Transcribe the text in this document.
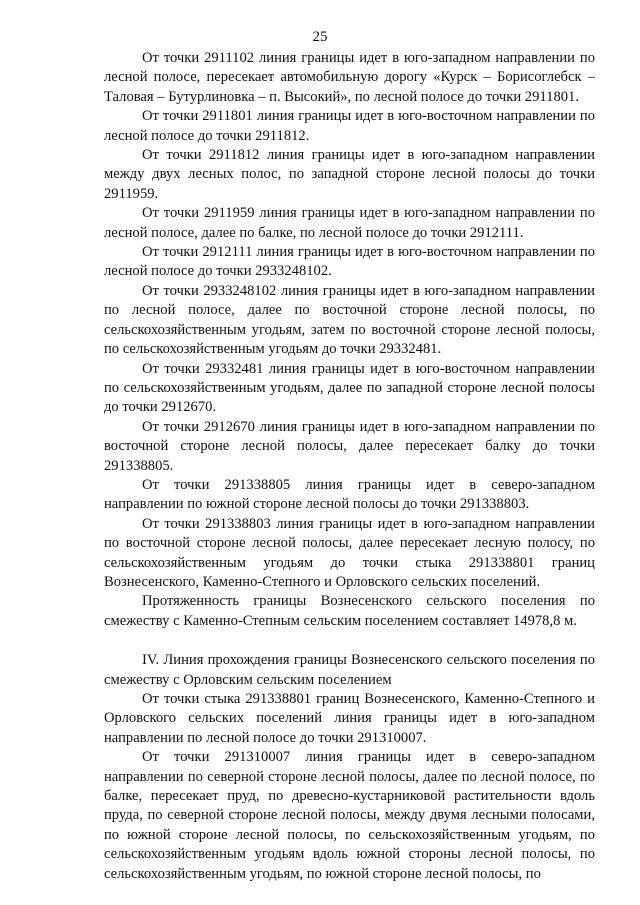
25

От точки 2911102 линия границы идет в юго-западном направлении по лесной полосе, пересекает автомобильную дорогу «Курск – Борисоглебск – Таловая – Бутурлиновка – п. Высокий», по лесной полосе до точки 2911801.

От точки 2911801 линия границы идет в юго-восточном направлении по лесной полосе до точки 2911812.

От точки 2911812 линия границы идет в юго-западном направлении между двух лесных полос, по западной стороне лесной полосы до точки 2911959.

От точки 2911959 линия границы идет в юго-западном направлении по лесной полосе, далее по балке, по лесной полосе до точки 2912111.

От точки 2912111 линия границы идет в юго-восточном направлении по лесной полосе до точки 2933248102.

От точки 2933248102 линия границы идет в юго-западном направлении по лесной полосе, далее по восточной стороне лесной полосы, по сельскохозяйственным угодьям, затем по восточной стороне лесной полосы, по сельскохозяйственным угодьям до точки 29332481.

От точки 29332481 линия границы идет в юго-восточном направлении по сельскохозяйственным угодьям, далее по западной стороне лесной полосы до точки 2912670.

От точки 2912670 линия границы идет в юго-западном направлении по восточной стороне лесной полосы, далее пересекает балку до точки 291338805.

От точки 291338805 линия границы идет в северо-западном направлении по южной стороне лесной полосы до точки 291338803.

От точки 291338803 линия границы идет в юго-западном направлении по восточной стороне лесной полосы, далее пересекает лесную полосу, по сельскохозяйственным угодьям до точки стыка 291338801 границ Вознесенского, Каменно-Степного и Орловского сельских поселений.

Протяженность границы Вознесенского сельского поселения по смежеству с Каменно-Степным сельским поселением составляет 14978,8 м.

IV. Линия прохождения границы Вознесенского сельского поселения по смежеству с Орловским сельским поселением

От точки стыка 291338801 границ Вознесенского, Каменно-Степного и Орловского сельских поселений линия границы идет в юго-западном направлении по лесной полосе до точки 291310007.

От точки 291310007 линия границы идет в северо-западном направлении по северной стороне лесной полосы, далее по лесной полосе, по балке, пересекает пруд, по древесно-кустарниковой растительности вдоль пруда, по северной стороне лесной полосы, между двумя лесными полосами, по южной стороне лесной полосы, по сельскохозяйственным угодьям, по сельскохозяйственным угодьям вдоль южной стороны лесной полосы, по сельскохозяйственным угодьям, по южной стороне лесной полосы, по
